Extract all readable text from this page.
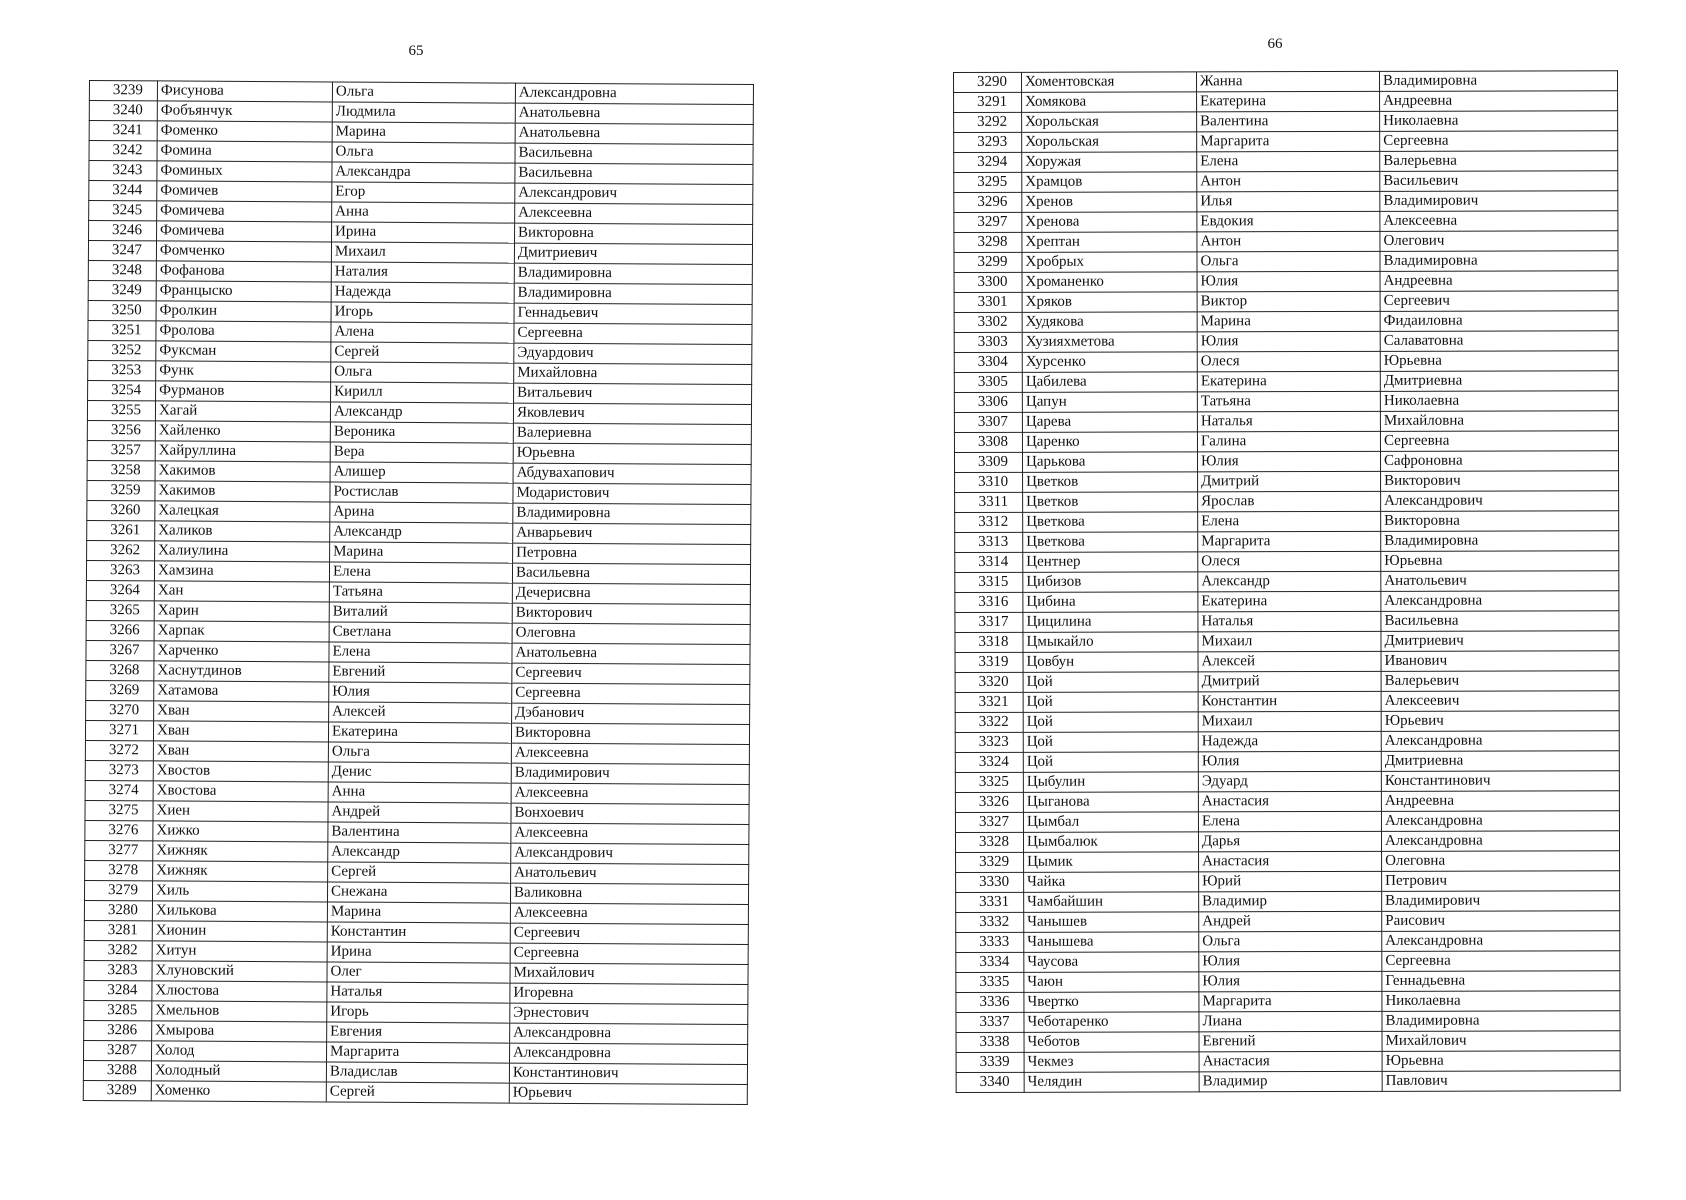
65
3239	Фисунова	Ольга	Александровна
3240	Фобъянчук	Людмила	Анатольевна
3241	Фоменко	Марина	Анатольевна
3242	Фомина	Ольга	Васильевна
3243	Фоминых	Александра	Васильевна
3244	Фомичев	Егор	Александрович
3245	Фомичева	Анна	Алексеевна
3246	Фомичева	Ирина	Викторовна
3247	Фомченко	Михаил	Дмитриевич
3248	Фофанова	Наталия	Владимировна
3249	Францыско	Надежда	Владимировна
3250	Фролкин	Игорь	Геннадьевич
3251	Фролова	Алена	Сергеевна
3252	Фуксман	Сергей	Эдуардович
3253	Функ	Ольга	Михайловна
3254	Фурманов	Кирилл	Витальевич
3255	Хагай	Александр	Яковлевич
3256	Хайленко	Вероника	Валериевна
3257	Хайруллина	Вера	Юрьевна
3258	Хакимов	Алишер	Абдувахапович
3259	Хакимов	Ростислав	Модаристович
3260	Халецкая	Арина	Владимировна
3261	Халиков	Александр	Анварьевич
3262	Халиулина	Марина	Петровна
3263	Хамзина	Елена	Васильевна
3264	Хан	Татьяна	Дечерисвна
3265	Харин	Виталий	Викторович
3266	Харпак	Светлана	Олеговна
3267	Харченко	Елена	Анатольевна
3268	Хаснутдинов	Евгений	Сергеевич
3269	Хатамова	Юлия	Сергеевна
3270	Хван	Алексей	Дэбанович
3271	Хван	Екатерина	Викторовна
3272	Хван	Ольга	Алексеевна
3273	Хвостов	Денис	Владимирович
3274	Хвостова	Анна	Алексеевна
3275	Хиен	Андрей	Вонхоевич
3276	Хижко	Валентина	Алексеевна
3277	Хижняк	Александр	Александрович
3278	Хижняк	Сергей	Анатольевич
3279	Хиль	Снежана	Валиковна
3280	Хилькова	Марина	Алексеевна
3281	Хионин	Константин	Сергеевич
3282	Хитун	Ирина	Сергеевна
3283	Хлуновский	Олег	Михайлович
3284	Хлюстова	Наталья	Игоревна
3285	Хмельнов	Игорь	Эрнестович
3286	Хмырова	Евгения	Александровна
3287	Холод	Маргарита	Александровна
3288	Холодный	Владислав	Константинович
3289	Хоменко	Сергей	Юрьевич
66
3290	Хоментовская	Жанна	Владимировна
3291	Хомякова	Екатерина	Андреевна
3292	Хорольская	Валентина	Николаевна
3293	Хорольская	Маргарита	Сергеевна
3294	Хоружая	Елена	Валерьевна
3295	Храмцов	Антон	Васильевич
3296	Хренов	Илья	Владимирович
3297	Хренова	Евдокия	Алексеевна
3298	Хрептан	Антон	Олегович
3299	Хробрых	Ольга	Владимировна
3300	Хроманенко	Юлия	Андреевна
3301	Хряков	Виктор	Сергеевич
3302	Худякова	Марина	Фидаиловна
3303	Хузияхметова	Юлия	Салаватовна
3304	Хурсенко	Олеся	Юрьевна
3305	Цабилева	Екатерина	Дмитриевна
3306	Цапун	Татьяна	Николаевна
3307	Царева	Наталья	Михайловна
3308	Царенко	Галина	Сергеевна
3309	Царькова	Юлия	Сафроновна
3310	Цветков	Дмитрий	Викторович
3311	Цветков	Ярослав	Александрович
3312	Цветкова	Елена	Викторовна
3313	Цветкова	Маргарита	Владимировна
3314	Центнер	Олеся	Юрьевна
3315	Цибизов	Александр	Анатольевич
3316	Цибина	Екатерина	Александровна
3317	Цицилина	Наталья	Васильевна
3318	Цмыкайло	Михаил	Дмитриевич
3319	Цовбун	Алексей	Иванович
3320	Цой	Дмитрий	Валерьевич
3321	Цой	Константин	Алексеевич
3322	Цой	Михаил	Юрьевич
3323	Цой	Надежда	Александровна
3324	Цой	Юлия	Дмитриевна
3325	Цыбулин	Эдуард	Константинович
3326	Цыганова	Анастасия	Андреевна
3327	Цымбал	Елена	Александровна
3328	Цымбалюк	Дарья	Александровна
3329	Цымик	Анастасия	Олеговна
3330	Чайка	Юрий	Петрович
3331	Чамбайшин	Владимир	Владимирович
3332	Чанышев	Андрей	Раисович
3333	Чанышева	Ольга	Александровна
3334	Чаусова	Юлия	Сергеевна
3335	Чаюн	Юлия	Геннадьевна
3336	Чвертко	Маргарита	Николаевна
3337	Чеботаренко	Лиана	Владимировна
3338	Чеботов	Евгений	Михайлович
3339	Чекмез	Анастасия	Юрьевна
3340	Челядин	Владимир	Павлович
